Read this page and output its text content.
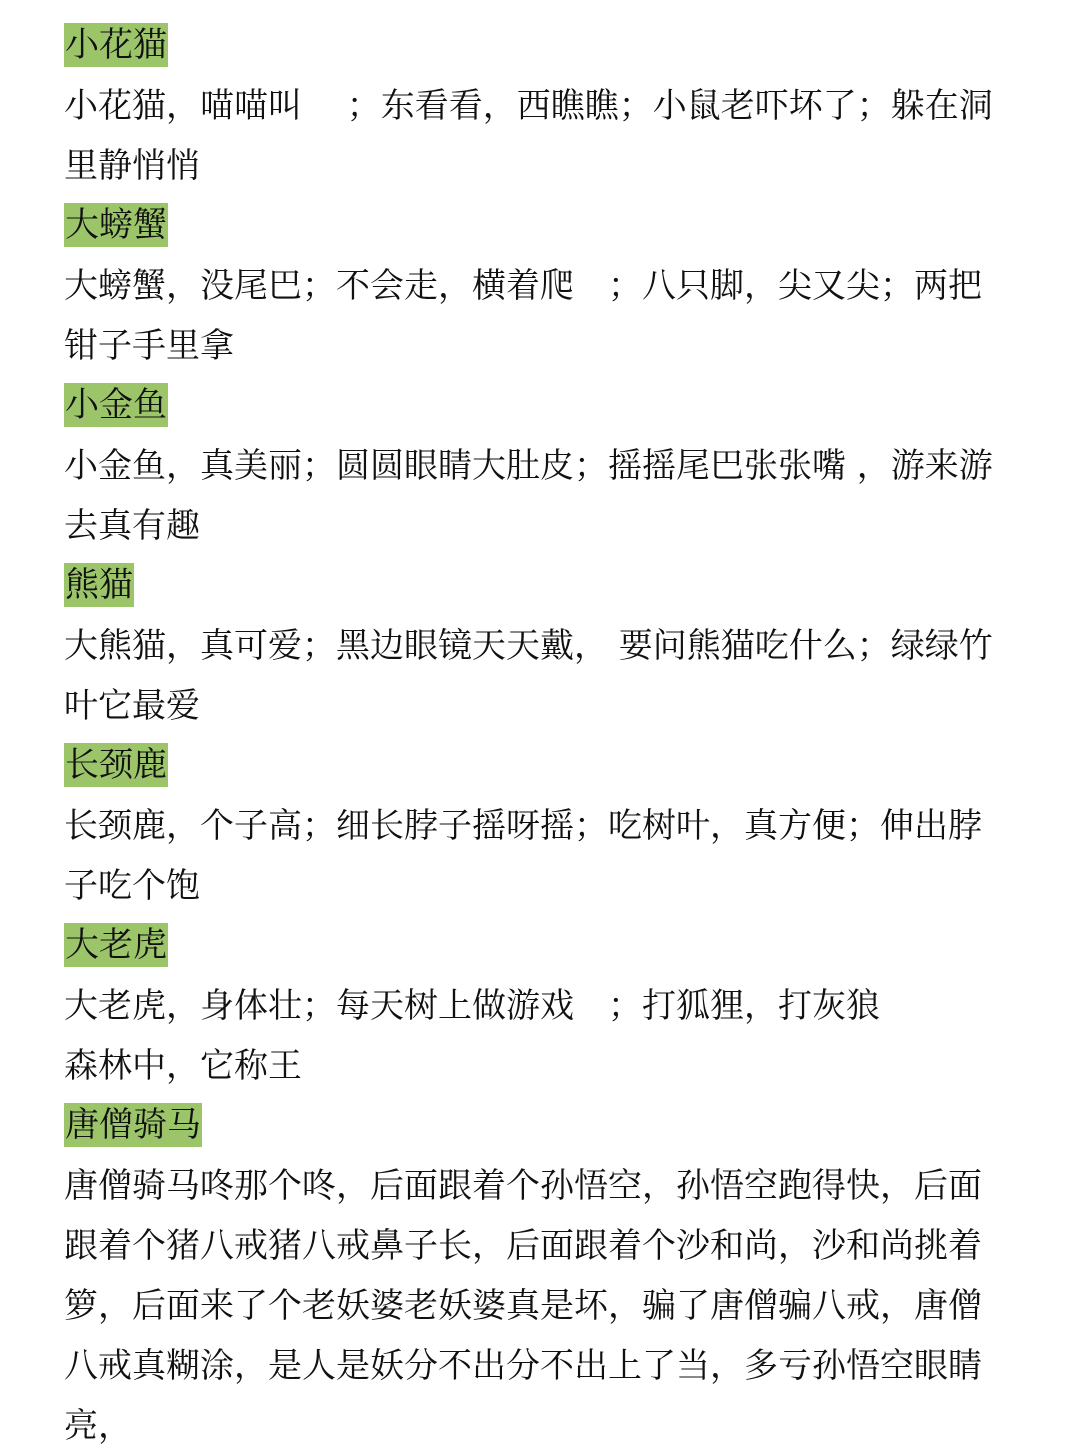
小花猫

小花猫，喵喵叫　 ；东看看，西瞧瞧；小鼠老吓坏了；躲在洞里静悄悄

大螃蟹

大螃蟹，没尾巴；不会走，横着爬　；八只脚，尖又尖；两把钳子手里拿

小金鱼

小金鱼，真美丽；圆圆眼睛大肚皮；摇摇尾巴张张嘴 ，游来游去真有趣

熊猫

大熊猫，真可爱；黑边眼镜天天戴， 要问熊猫吃什么；绿绿竹叶它最爱

长颈鹿

长颈鹿，个子高；细长脖子摇呀摇；吃树叶，真方便；伸出脖子吃个饱

大老虎

大老虎，身体壮；每天树上做游戏　；打狐狸，打灰狼　　　　森林中，它称王

唐僧骑马

唐僧骑马咚那个咚，后面跟着个孙悟空，孙悟空跑得快，后面跟着个猪八戒猪八戒鼻子长，后面跟着个沙和尚，沙和尚挑着箩，后面来了个老妖婆老妖婆真是坏，骗了唐僧骗八戒，唐僧八戒真糊涂，是人是妖分不出分不出上了当，多亏孙悟空眼睛亮，
